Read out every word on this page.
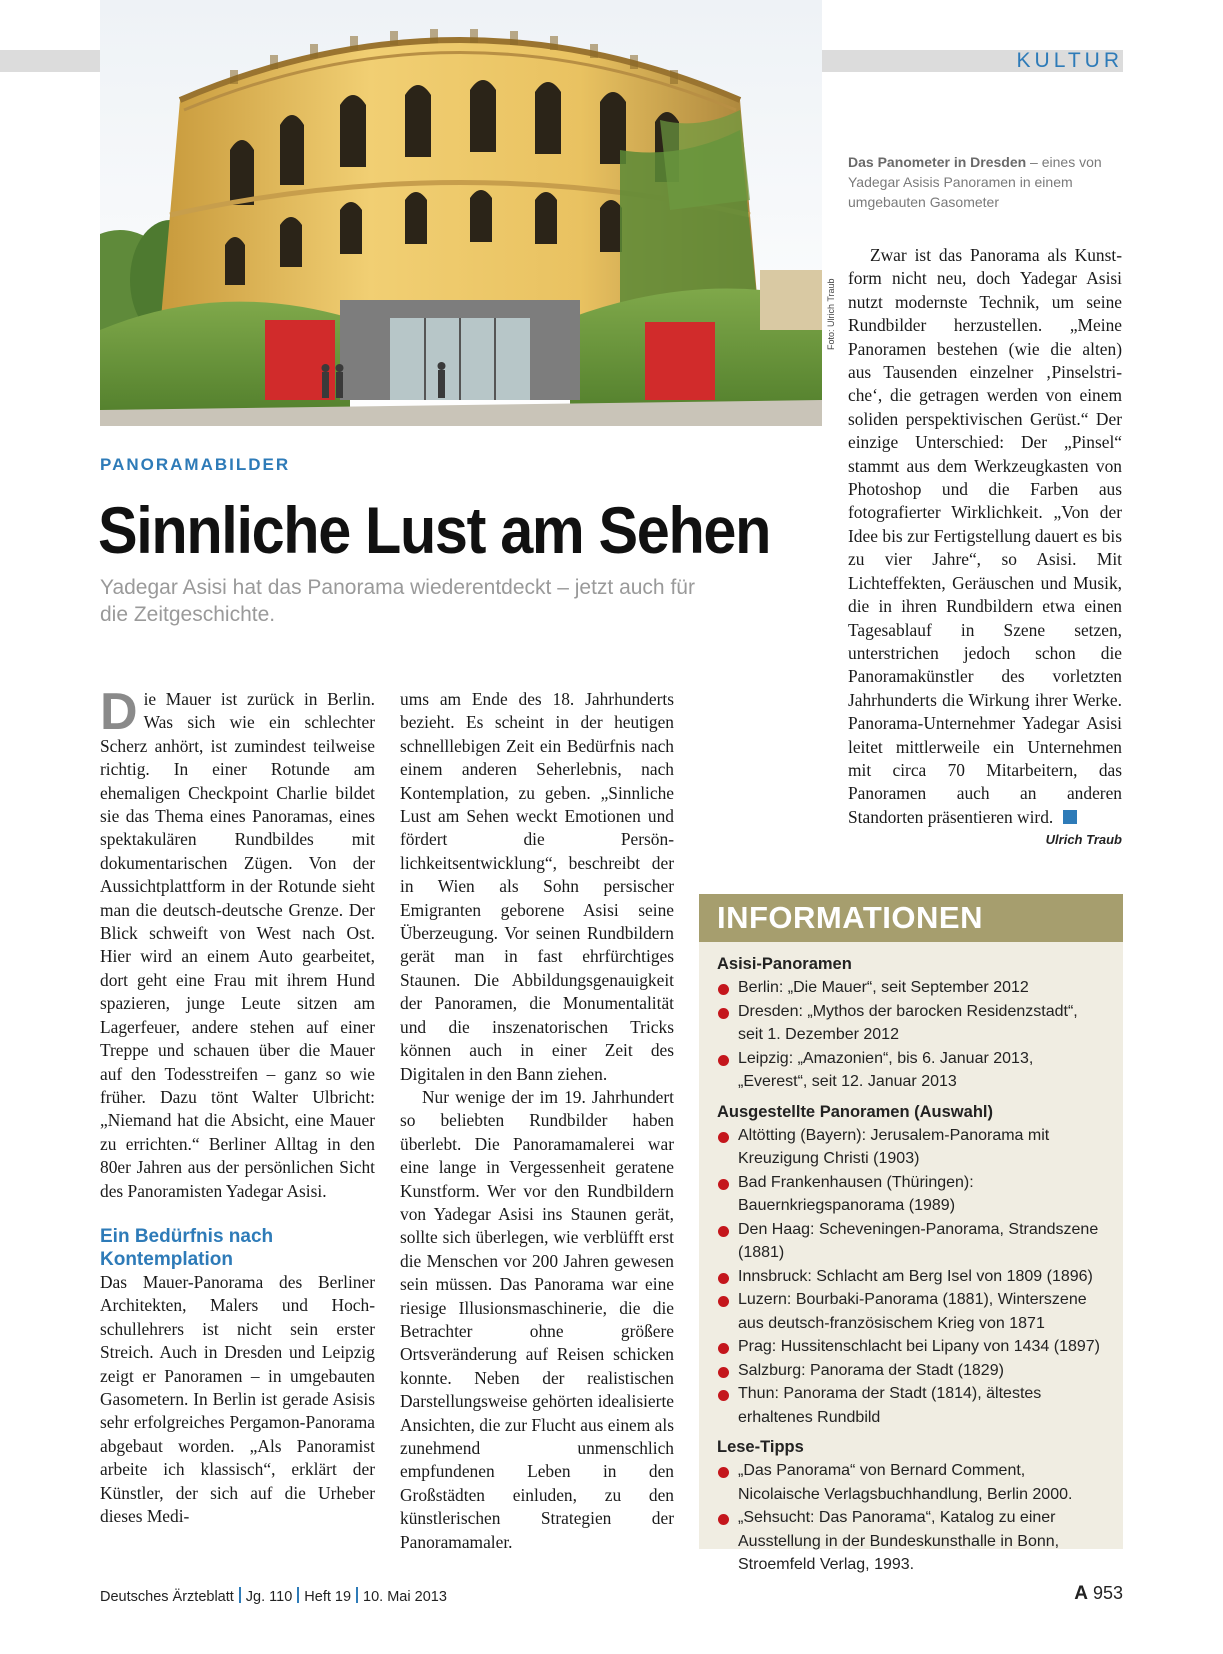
KULTUR
Foto: Ulrich Traub
Das Panometer in Dresden – eines von Yadegar Asisis Panoramen in einem umgebauten Gasometer
PANORAMABILDER
Sinnliche Lust am Sehen
Yadegar Asisi hat das Panorama wiederentdeckt – jetzt auch für die Zeitgeschichte.

Die Mauer ist zurück in Berlin. Was sich wie ein schlechter Scherz anhört, ist zumindest teilweise richtig. In einer Rotunde am ehemaligen Checkpoint Charlie bildet sie das Thema eines Panoramas, eines spektakulären Rundbildes mit dokumentarischen Zügen. Von der Aussichtplattform in der Rotunde sieht man die deutsch-deutsche Grenze. Der Blick schweift von West nach Ost. Hier wird an einem Auto gearbeitet, dort geht eine Frau mit ihrem Hund spazieren, junge Leute sitzen am Lagerfeuer, andere stehen auf einer Treppe und schauen über die Mauer auf den Todesstreifen – ganz so wie früher. Dazu tönt Walter Ulbricht: „Niemand hat die Absicht, eine Mauer zu errichten.“ Berliner Alltag in den 80er Jahren aus der persönlichen Sicht des Panoramisten Yadegar Asisi.

Ein Bedürfnis nach Kontemplation

Das Mauer-Panorama des Berliner Architekten, Malers und Hochschullehrers ist nicht sein erster Streich. Auch in Dresden und Leipzig zeigt er Panoramen – in umgebauten Gasometern. In Berlin ist gerade Asisis sehr erfolgreiches Pergamon-Panorama abgebaut worden. „Als Panoramist arbeite ich klassisch“, erklärt der Künstler, der sich auf die Urheber dieses Medi-

ums am Ende des 18. Jahrhunderts bezieht. Es scheint in der heutigen schnelllebigen Zeit ein Bedürfnis nach einem anderen Seherlebnis, nach Kontemplation, zu geben. „Sinnliche Lust am Sehen weckt Emotionen und fördert die Persönlichkeitsentwicklung“, beschreibt der in Wien als Sohn persischer Emigranten geborene Asisi seine Überzeugung. Vor seinen Rundbildern gerät man in fast ehrfürchtiges Staunen. Die Abbildungsgenauigkeit der Panoramen, die Monumentalität und die inszenatorischen Tricks können auch in einer Zeit des Digitalen in den Bann ziehen.

Nur wenige der im 19. Jahrhundert so beliebten Rundbilder haben überlebt. Die Panoramamalerei war eine lange in Vergessenheit geratene Kunstform. Wer vor den Rundbildern von Yadegar Asisi ins Staunen gerät, sollte sich überlegen, wie verblüfft erst die Menschen vor 200 Jahren gewesen sein müssen. Das Panorama war eine riesige Illusionsmaschinerie, die die Betrachter ohne größere Ortsveränderung auf Reisen schicken konnte. Neben der realistischen Darstellungsweise gehörten idealisierte Ansichten, die zur Flucht aus einem als zunehmend unmenschlich empfundenen Leben in den Großstädten einluden, zu den künstlerischen Strategien der Panoramamaler.

Zwar ist das Panorama als Kunstform nicht neu, doch Yadegar Asisi nutzt modernste Technik, um seine Rundbilder herzustellen. „Meine Panoramen bestehen (wie die alten) aus Tausenden einzelner ‚Pinselstriche‘, die getragen werden von einem soliden perspektivischen Gerüst.“ Der einzige Unterschied: Der „Pinsel“ stammt aus dem Werkzeugkasten von Photoshop und die Farben aus fotografierter Wirklichkeit. „Von der Idee bis zur Fertigstellung dauert es bis zu vier Jahre“, so Asisi. Mit Lichteffekten, Geräuschen und Musik, die in ihren Rundbildern etwa einen Tagesablauf in Szene setzen, unterstrichen jedoch schon die Panoramakünstler des vorletzten Jahrhunderts die Wirkung ihrer Werke. Panorama-Unternehmer Yadegar Asisi leitet mittlerweile ein Unternehmen mit circa 70 Mitarbeitern, das Panoramen auch an anderen Standorten präsentieren wird.

Ulrich Traub
INFORMATIONEN
Asisi-Panoramen
Berlin: „Die Mauer“, seit September 2012
Dresden: „Mythos der barocken Residenzstadt“, seit 1. Dezember 2012
Leipzig: „Amazonien“, bis 6. Januar 2013, „Everest“, seit 12. Januar 2013
Ausgestellte Panoramen (Auswahl)
Altötting (Bayern): Jerusalem-Panorama mit Kreuzigung Christi (1903)
Bad Frankenhausen (Thüringen): Bauernkriegspanorama (1989)
Den Haag: Scheveningen-Panorama, Strandszene (1881)
Innsbruck: Schlacht am Berg Isel von 1809 (1896)
Luzern: Bourbaki-Panorama (1881), Winterszene aus deutsch-französischem Krieg von 1871
Prag: Hussitenschlacht bei Lipany von 1434 (1897)
Salzburg: Panorama der Stadt (1829)
Thun: Panorama der Stadt (1814), ältestes erhaltenes Rundbild
Lese-Tipps
„Das Panorama“ von Bernard Comment, Nicolaische Verlagsbuchhandlung, Berlin 2000.
„Sehsucht: Das Panorama“, Katalog zu einer Ausstellung in der Bundeskunsthalle in Bonn, Stroemfeld Verlag, 1993.
Deutsches Ärzteblatt Jg. 110 Heft 19 10. Mai 2013	A 953
